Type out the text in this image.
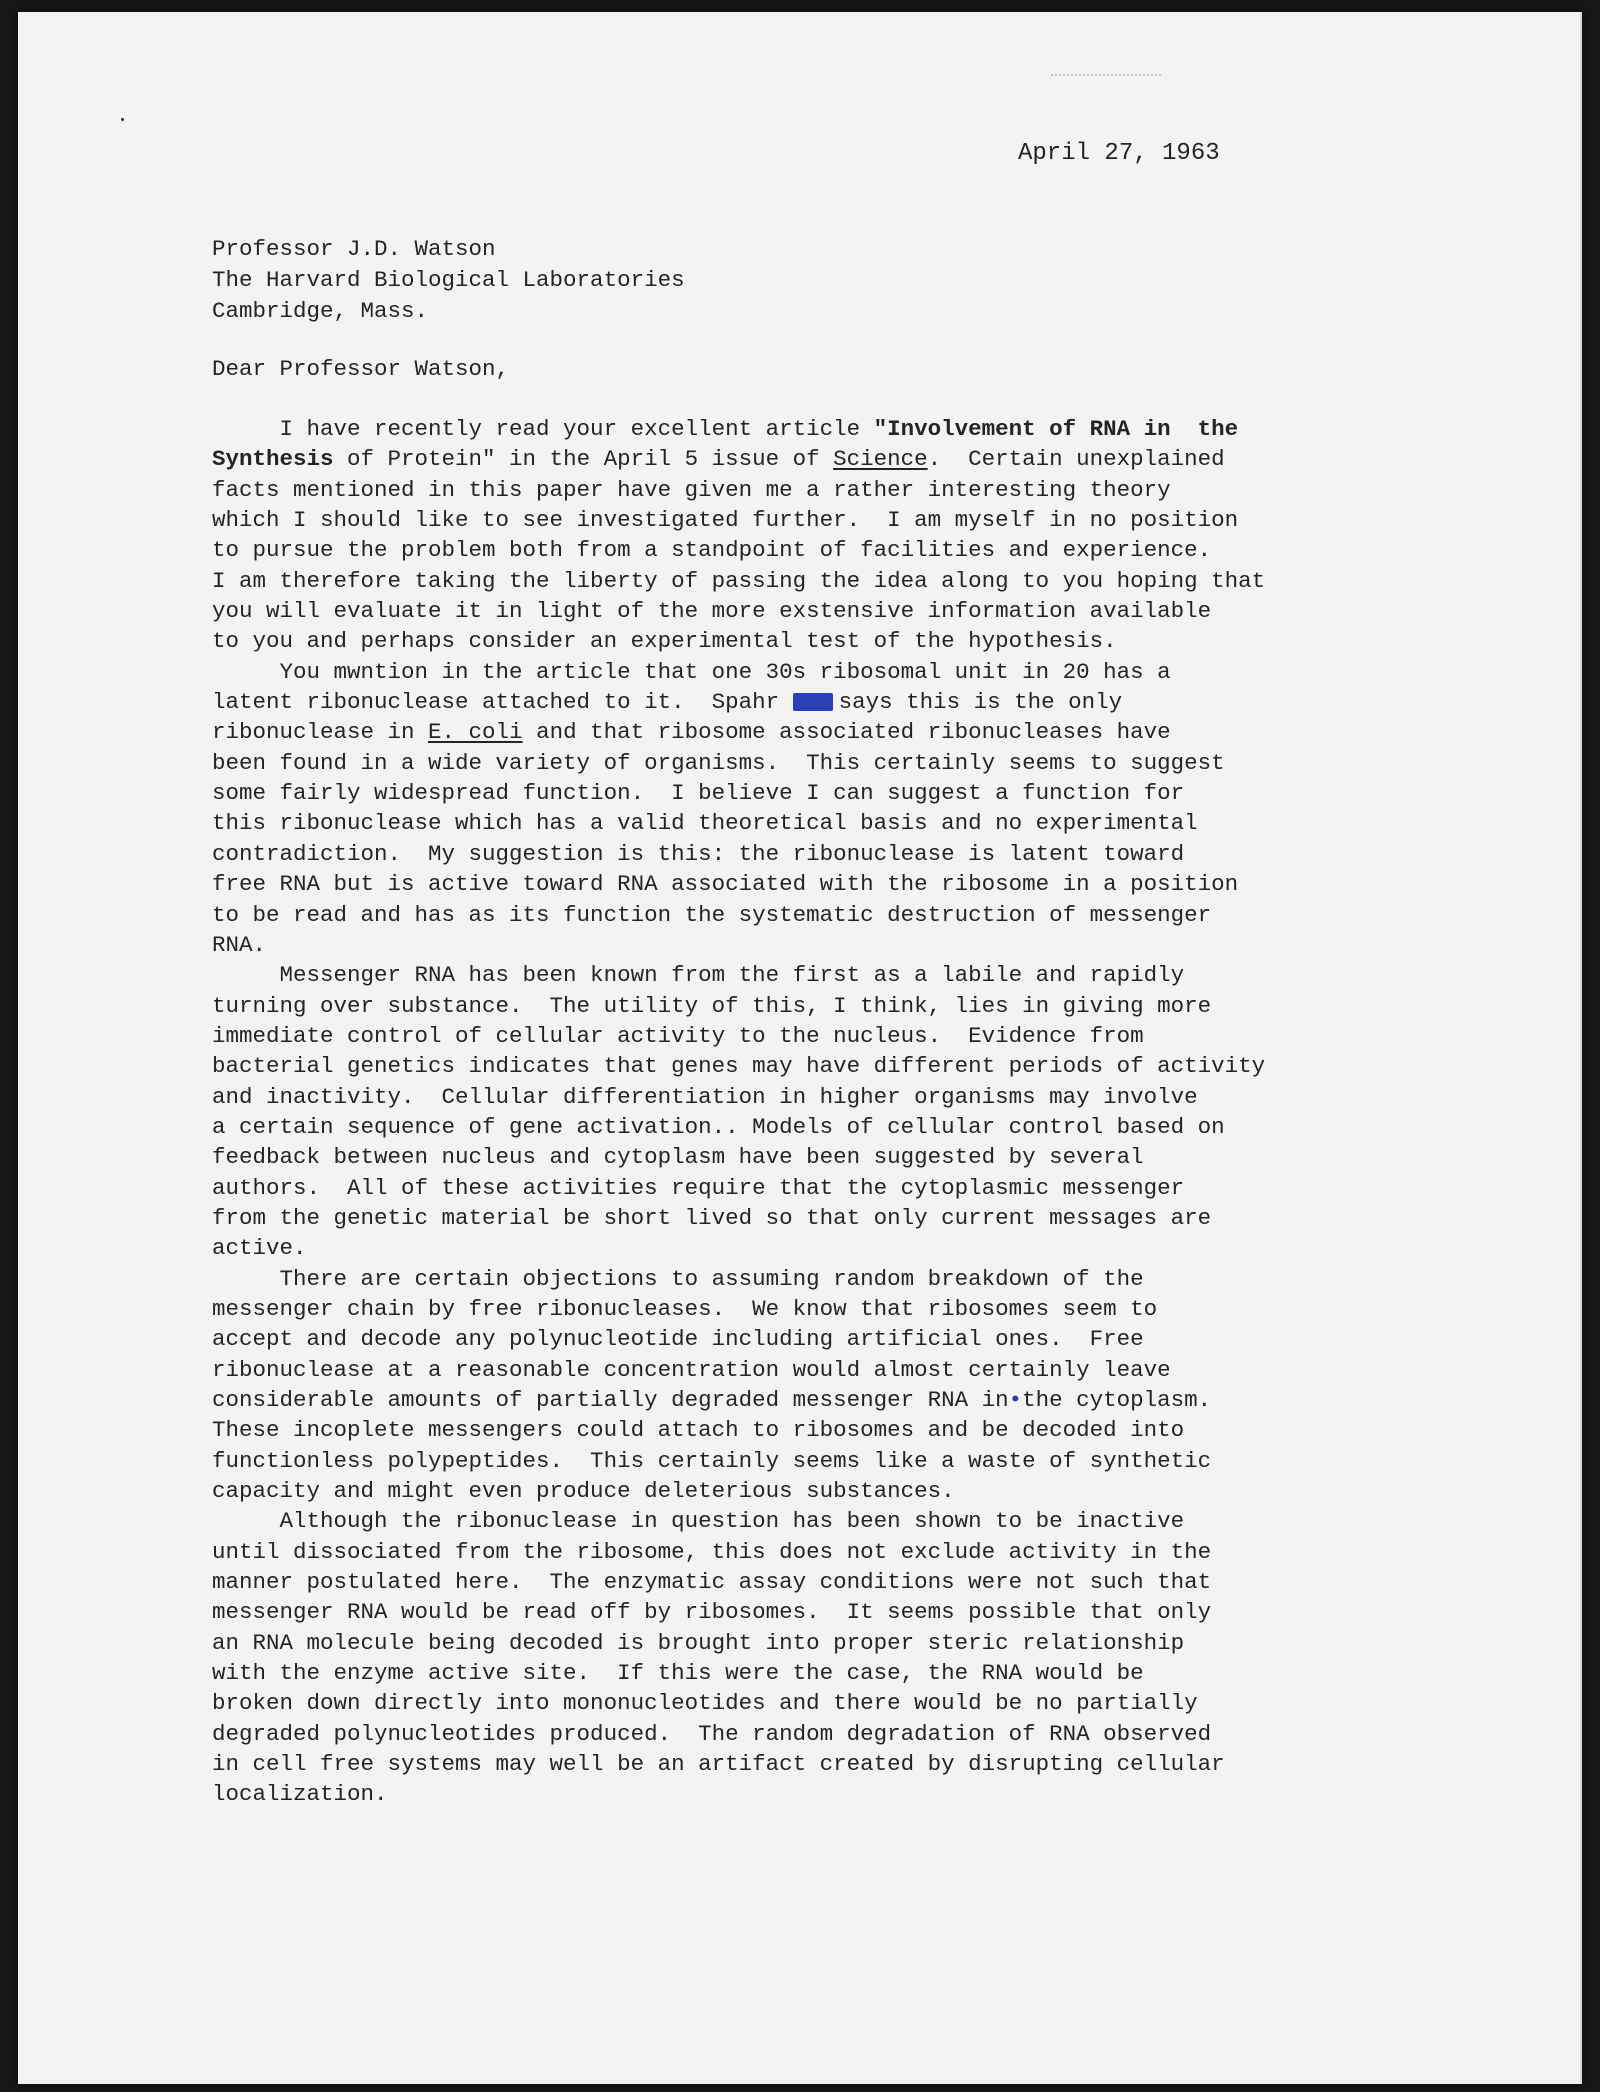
April 27, 1963
Professor J.D. Watson
The Harvard Biological Laboratories
Cambridge, Mass.
Dear Professor Watson,
I have recently read your excellent article "Involvement of RNA in  the
Synthesis of Protein" in the April 5 issue of Science.  Certain unexplained
facts mentioned in this paper have given me a rather interesting theory
which I should like to see investigated further.  I am myself in no position
to pursue the problem both from a standpoint of facilities and experience.
I am therefore taking the liberty of passing the idea along to you hoping that
you will evaluate it in light of the more exstensive information available
to you and perhaps consider an experimental test of the hypothesis.
You mwntion in the article that one 30s ribosomal unit in 20 has a
latent ribonuclease attached to it.  Spahr says this is the only
ribonuclease in E. coli and that ribosome associated ribonucleases have
been found in a wide variety of organisms.  This certainly seems to suggest
some fairly widespread function.  I believe I can suggest a function for
this ribonuclease which has a valid theoretical basis and no experimental
contradiction.  My suggestion is this: the ribonuclease is latent toward
free RNA but is active toward RNA associated with the ribosome in a position
to be read and has as its function the systematic destruction of messenger
RNA.
Messenger RNA has been known from the first as a labile and rapidly
turning over substance.  The utility of this, I think, lies in giving more
immediate control of cellular activity to the nucleus.  Evidence from
bacterial genetics indicates that genes may have different periods of activity
and inactivity.  Cellular differentiation in higher organisms may involve
a certain sequence of gene activation.. Models of cellular control based on
feedback between nucleus and cytoplasm have been suggested by several
authors.  All of these activities require that the cytoplasmic messenger
from the genetic material be short lived so that only current messages are
active.
There are certain objections to assuming random breakdown of the
messenger chain by free ribonucleases.  We know that ribosomes seem to
accept and decode any polynucleotide including artificial ones.  Free
ribonuclease at a reasonable concentration would almost certainly leave
considerable amounts of partially degraded messenger RNA in•the cytoplasm.
These incoplete messengers could attach to ribosomes and be decoded into
functionless polypeptides.  This certainly seems like a waste of synthetic
capacity and might even produce deleterious substances.
Although the ribonuclease in question has been shown to be inactive
until dissociated from the ribosome, this does not exclude activity in the
manner postulated here.  The enzymatic assay conditions were not such that
messenger RNA would be read off by ribosomes.  It seems possible that only
an RNA molecule being decoded is brought into proper steric relationship
with the enzyme active site.  If this were the case, the RNA would be
broken down directly into mononucleotides and there would be no partially
degraded polynucleotides produced.  The random degradation of RNA observed
in cell free systems may well be an artifact created by disrupting cellular
localization.
